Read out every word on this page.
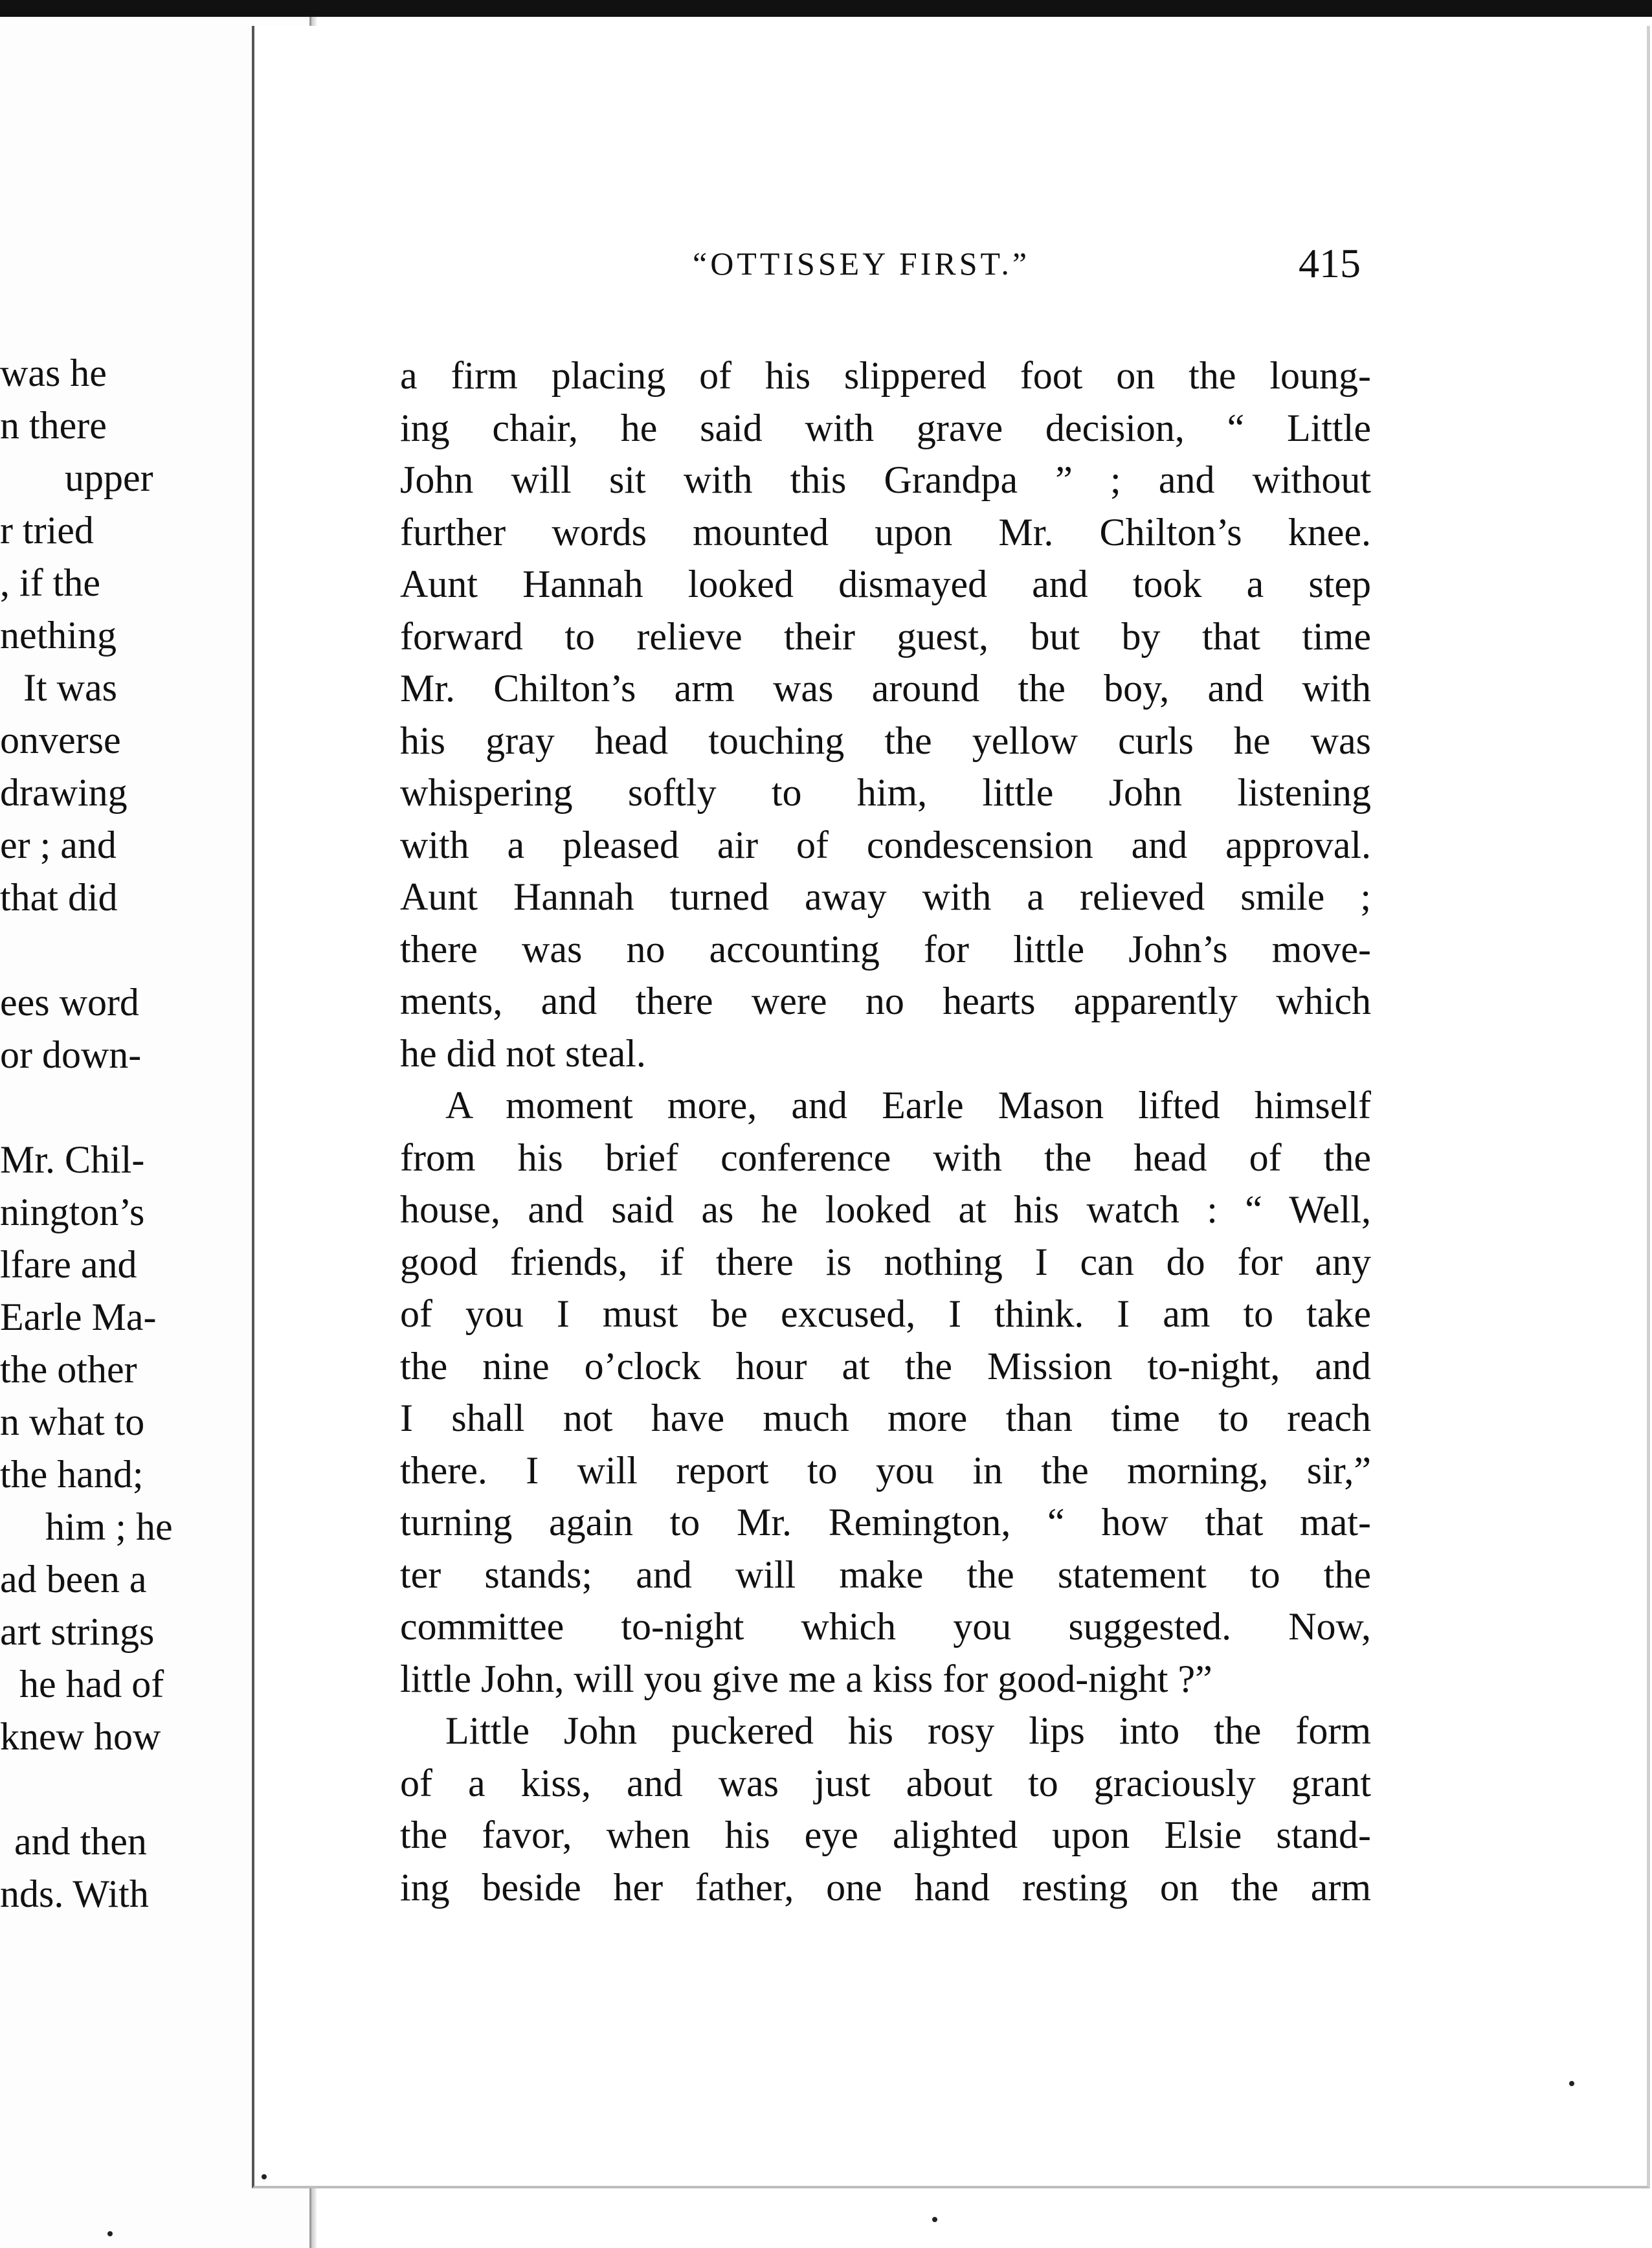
was he
n there
upper
r tried
, if the
nething
It was
onverse
drawing
er ; and
that did

ees word
or down-

Mr. Chil-
nington’s
lfare and
Earle Ma-
the other
n what to
the hand;
him ; he
ad been a
art strings
he had of
knew how

and then
nds. With
“OTTISSEY FIRST.”	415
a firm placing of his slippered foot on the loung-
ing chair, he said with grave decision, “ Little
John will sit with this Grandpa ” ; and without
further words mounted upon Mr. Chilton’s knee.
Aunt Hannah looked dismayed and took a step
forward to relieve their guest, but by that time
Mr. Chilton’s arm was around the boy, and with
his gray head touching the yellow curls he was
whispering softly to him, little John listening
with a pleased air of condescension and approval.
Aunt Hannah turned away with a relieved smile ;
there was no accounting for little John’s move-
ments, and there were no hearts apparently which
he did not steal.
A moment more, and Earle Mason lifted himself
from his brief conference with the head of the
house, and said as he looked at his watch : “ Well,
good friends, if there is nothing I can do for any
of you I must be excused, I think. I am to take
the nine o’clock hour at the Mission to-night, and
I shall not have much more than time to reach
there. I will report to you in the morning, sir,”
turning again to Mr. Remington, “ how that mat-
ter stands; and will make the statement to the
committee to-night which you suggested. Now,
little John, will you give me a kiss for good-night ?”
Little John puckered his rosy lips into the form
of a kiss, and was just about to graciously grant
the favor, when his eye alighted upon Elsie stand-
ing beside her father, one hand resting on the arm
